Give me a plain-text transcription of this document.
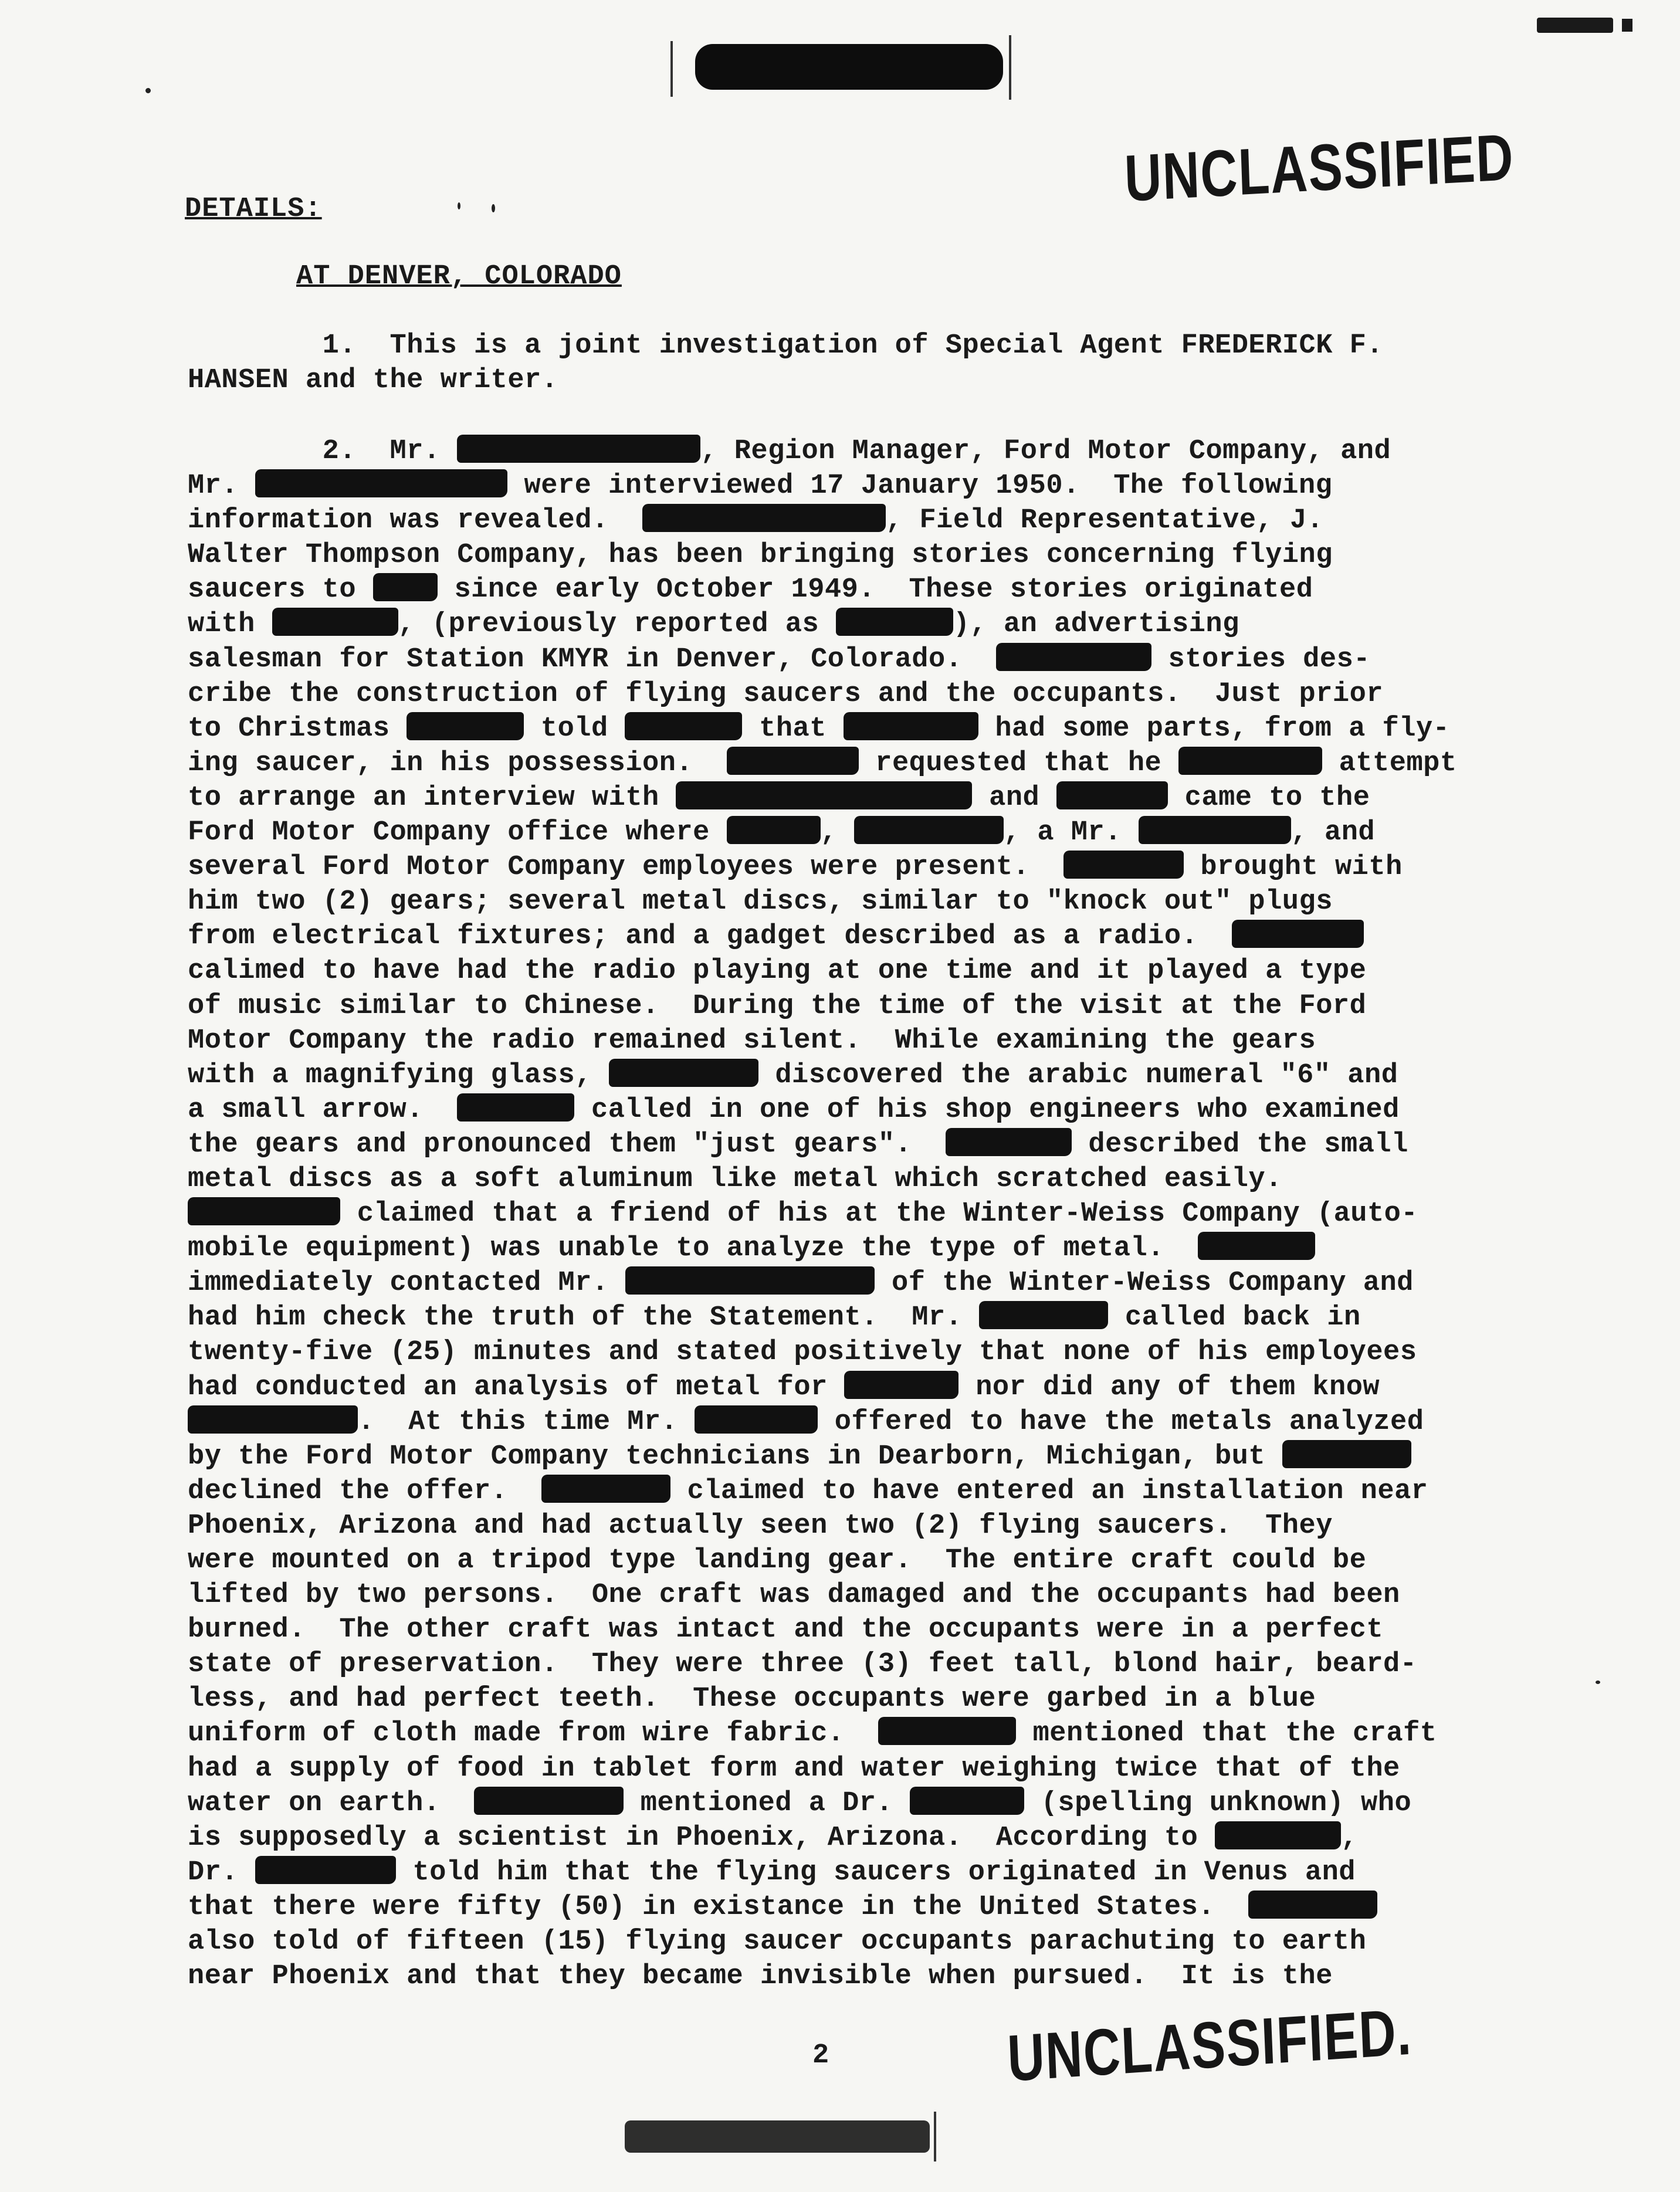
UNCLASSIFIED
DETAILS:
AT DENVER, COLORADO

1. This is a joint investigation of Special Agent FREDERICK F.
HANSEN and the writer.

2. Mr.	, Region Manager, Ford Motor Company, and
Mr.	were interviewed 17 January 1950.  The following
information was revealed.	, Field Representative, J.
Walter Thompson Company, has been bringing stories concerning flying
saucers to	since early October 1949.  These stories originated
with	, (previously reported as	), an advertising
salesman for Station KMYR in Denver, Colorado.	stories des-
cribe the construction of flying saucers and the occupants.  Just prior
to Christmas	told	that	had some parts, from a fly-
ing saucer, in his possession.	requested that he	attempt
to arrange an interview with	and	came to the
Ford Motor Company office where	,	, a Mr.	, and
several Ford Motor Company employees were present.	brought with
him two (2) gears; several metal discs, similar to "knock out" plugs
from electrical fixtures; and a gadget described as a radio.
calimed to have had the radio playing at one time and it played a type
of music similar to Chinese.  During the time of the visit at the Ford
Motor Company the radio remained silent.  While examining the gears
with a magnifying glass,	discovered the arabic numeral "6" and
a small arrow.	called in one of his shop engineers who examined
the gears and pronounced them "just gears".	described the small
metal discs as a soft aluminum like metal which scratched easily.
claimed that a friend of his at the Winter-Weiss Company (auto-
mobile equipment) was unable to analyze the type of metal.
immediately contacted Mr.	of the Winter-Weiss Company and
had him check the truth of the Statement.  Mr.	called back in
twenty-five (25) minutes and stated positively that none of his employees
had conducted an analysis of metal for	nor did any of them know
.  At this time Mr.	offered to have the metals analyzed
by the Ford Motor Company technicians in Dearborn, Michigan, but
declined the offer.	claimed to have entered an installation near
Phoenix, Arizona and had actually seen two (2) flying saucers.  They
were mounted on a tripod type landing gear.  The entire craft could be
lifted by two persons.  One craft was damaged and the occupants had been
burned.  The other craft was intact and the occupants were in a perfect
state of preservation.  They were three (3) feet tall, blond hair, beard-
less, and had perfect teeth.  These occupants were garbed in a blue
uniform of cloth made from wire fabric.	mentioned that the craft
had a supply of food in tablet form and water weighing twice that of the
water on earth.	mentioned a Dr.	(spelling unknown) who
is supposedly a scientist in Phoenix, Arizona.  According to	,
Dr.	told him that the flying saucers originated in Venus and
that there were fifty (50) in existance in the United States.
also told of fifteen (15) flying saucer occupants parachuting to earth
near Phoenix and that they became invisible when pursued.  It is the

2	UNCLASSIFIED.
